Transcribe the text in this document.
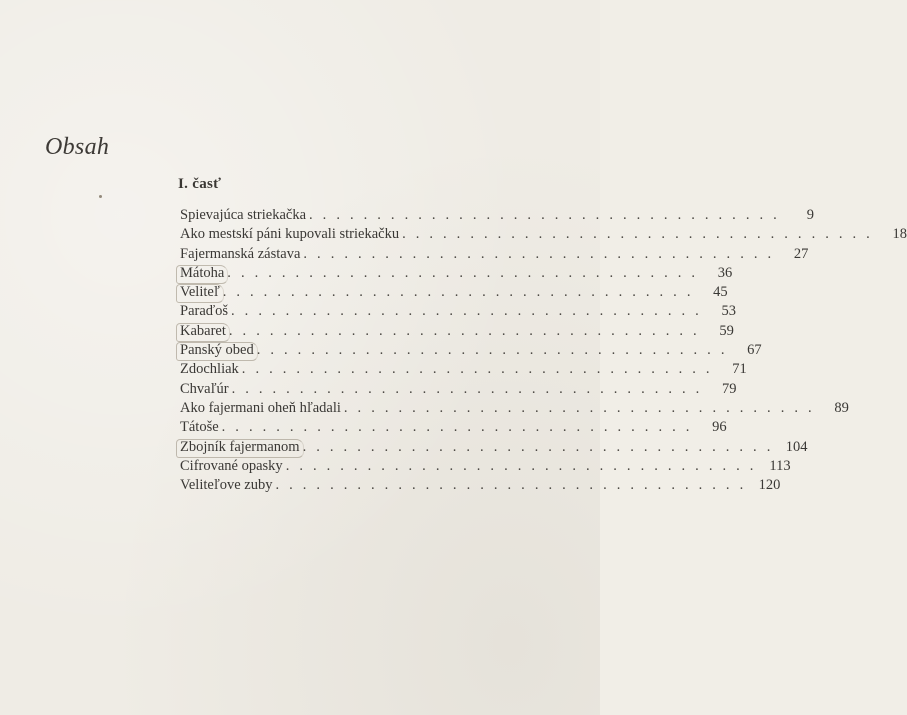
Obsah
I. časť
Spievajúca striekačka . . . . . . . . . . . . . . . . . . . . . . . . . . . . . . . . . . .	9
Ako mestskí páni kupovali striekačku . . . . . . . . . . . . . . . . . . . . . . . . . . . . . . . . . . .	18
Fajermanská zástava . . . . . . . . . . . . . . . . . . . . . . . . . . . . . . . . . . .	27
Mátoha . . . . . . . . . . . . . . . . . . . . . . . . . . . . . . . . . . .	36
Veliteľ . . . . . . . . . . . . . . . . . . . . . . . . . . . . . . . . . . .	45
Paraďoš . . . . . . . . . . . . . . . . . . . . . . . . . . . . . . . . . . .	53
Kabaret . . . . . . . . . . . . . . . . . . . . . . . . . . . . . . . . . . .	59
Panský obed . . . . . . . . . . . . . . . . . . . . . . . . . . . . . . . . . . .	67
Zdochliak . . . . . . . . . . . . . . . . . . . . . . . . . . . . . . . . . . .	71
Chvaľúr . . . . . . . . . . . . . . . . . . . . . . . . . . . . . . . . . . .	79
Ako fajermani oheň hľadali . . . . . . . . . . . . . . . . . . . . . . . . . . . . . . . . . . .	89
Tátoše . . . . . . . . . . . . . . . . . . . . . . . . . . . . . . . . . . .	96
Zbojník fajermanom . . . . . . . . . . . . . . . . . . . . . . . . . . . . . . . . . . . 104
Cifrované opasky . . . . . . . . . . . . . . . . . . . . . . . . . . . . . . . . . . . 113
Veliteľove zuby . . . . . . . . . . . . . . . . . . . . . . . . . . . . . . . . . . . 120
